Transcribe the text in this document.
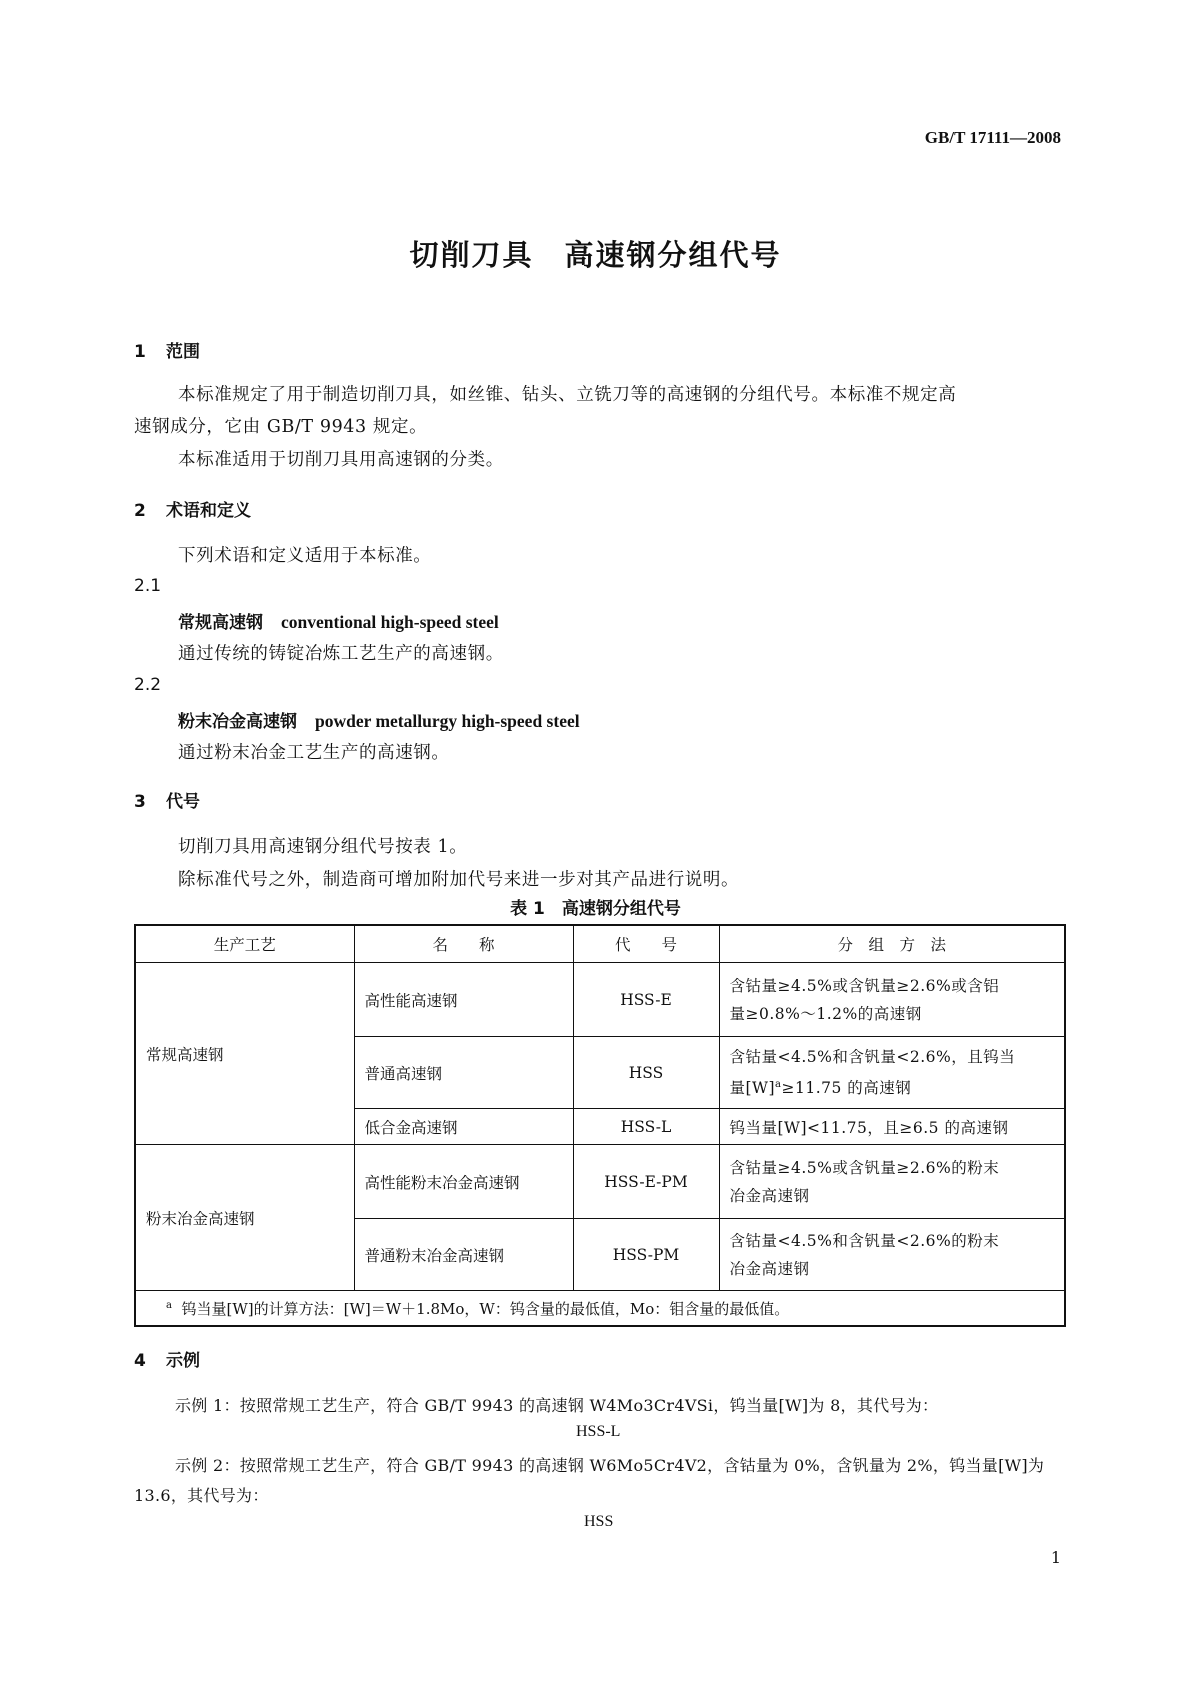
GB/T 17111—2008
切削刀具　高速钢分组代号
1 范围
本标准规定了用于制造切削刀具，如丝锥、钻头、立铣刀等的高速钢的分组代号。本标准不规定高
速钢成分，它由 GB/T 9943 规定。
本标准适用于切削刀具用高速钢的分类。
2 术语和定义
下列术语和定义适用于本标准。
2.1
常规高速钢 conventional high-speed steel
通过传统的铸锭冶炼工艺生产的高速钢。
2.2
粉末冶金高速钢 powder metallurgy high-speed steel
通过粉末冶金工艺生产的高速钢。
3 代号
切削刀具用高速钢分组代号按表 1。
除标准代号之外，制造商可增加附加代号来进一步对其产品进行说明。
表 1　高速钢分组代号
生产工艺	名　　称	代　　号	分　组　方　法
常规高速钢	高性能高速钢	HSS-E	含钴量≥4.5%或含钒量≥2.6%或含铝
量≥0.8%～1.2%的高速钢

	普通高速钢	HSS	含钴量<4.5%和含钒量<2.6%，且钨当
量$[W]^a\ge 11.75$ 的高速钢

	低合金高速钢	HSS-L	钨当量[W]<11.75，且≥6.5 的高速钢
粉末冶金高速钢	高性能粉末冶金高速钢	HSS-E-PM	含钴量≥4.5%或含钒量≥2.6%的粉末
冶金高速钢

	普通粉末冶金高速钢	HSS-PM	含钴量<4.5%和含钒量<2.6%的粉末
冶金高速钢

$^a$ 钨当量[W]的计算方法：[W]＝W＋1.8Mo，W：钨含量的最低值，Mo：钼含量的最低值。			
4 示例
示例 1：按照常规工艺生产，符合 GB/T 9943 的高速钢 W4Mo3Cr4VSi，钨当量[W]为 8，其代号为：
HSS-L
示例 2：按照常规工艺生产，符合 GB/T 9943 的高速钢 W6Mo5Cr4V2，含钴量为 0%，含钒量为 2%，钨当量[W]为
13.6，其代号为：
HSS
1
